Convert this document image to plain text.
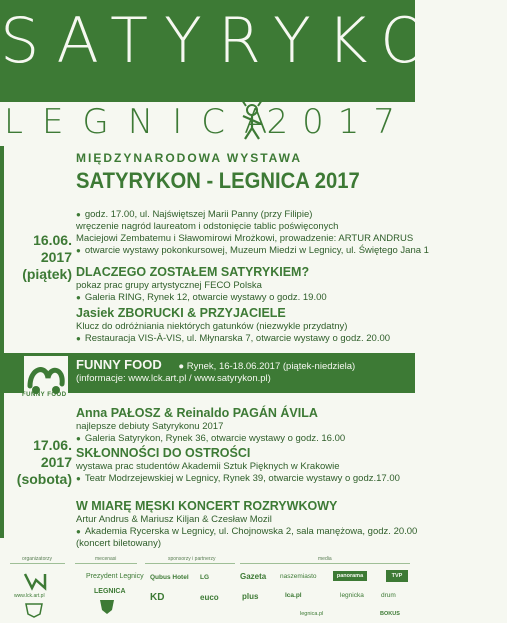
SATYRYKON
LEGNICA
2017
MIĘDZYNARODOWA WYSTAWA
SATYRYKON - LEGNICA 2017
16.06.
2017
(piątek)
● godz. 17.00, ul. Najświętszej Marii Panny (przy Filipie)
wręczenie nagród laureatom i odstonięcie tablic poświęconych
Maciejowi Zembatemu i Sławomirowi Mrożkowi, prowadzenie: ARTUR ANDRUS
● otwarcie wystawy pokonkursowej, Muzeum Miedzi w Legnicy, ul. Świętego Jana 1
DLACZEGO ZOSTAŁEM SATYRYKIEM?
pokaz prac grupy artystycznej FECO Polska
● Galeria RING, Rynek 12, otwarcie wystawy o godz. 19.00
Jasiek ZBORUCKI & PRZYJACIELE
Klucz do odróżniania niektórych gatunków (niezwykle przydatny)
● Restauracja VIS-À-VIS, ul. Młynarska 7, otwarcie wystawy o godz. 20.00
FUNNY FOOD
FUNNY FOOD ● Rynek, 16-18.06.2017 (piątek-niedziela)
(informacje: www.lck.art.pl / www.satyrykon.pl)
17.06.
2017
(sobota)
Anna PAŁOSZ & Reinaldo PAGÁN ÁVILA
najlepsze debiuty Satyrykonu 2017
● Galeria Satyrykon, Rynek 36, otwarcie wystawy o godz. 16.00
SKŁONNOŚCI DO OSTROŚCI
wystawa prac studentów Akademii Sztuk Pięknych w Krakowie
● Teatr Modrzejewskiej w Legnicy, Rynek 39, otwarcie wystawy o godz.17.00
W MIARĘ MĘSKI KONCERT ROZRYWKOWY
Artur Andrus & Mariusz Kiljan & Czesław Mozil
● Akademia Rycerska w Legnicy, ul. Chojnowska 2, sala manężowa, godz. 20.00
(koncert biletowany)
organizatorzy	mecenasi	sponsorzy i partnerzy	media
www.lck.art.pl
Prezydent Legnicy
LEGNICA
Qubus Hotel LG
KD	euco	plus
Gazeta naszemiasto	panorama	TVP
lca.pl	legnicka	drum
legnica.pl	BOKUS
